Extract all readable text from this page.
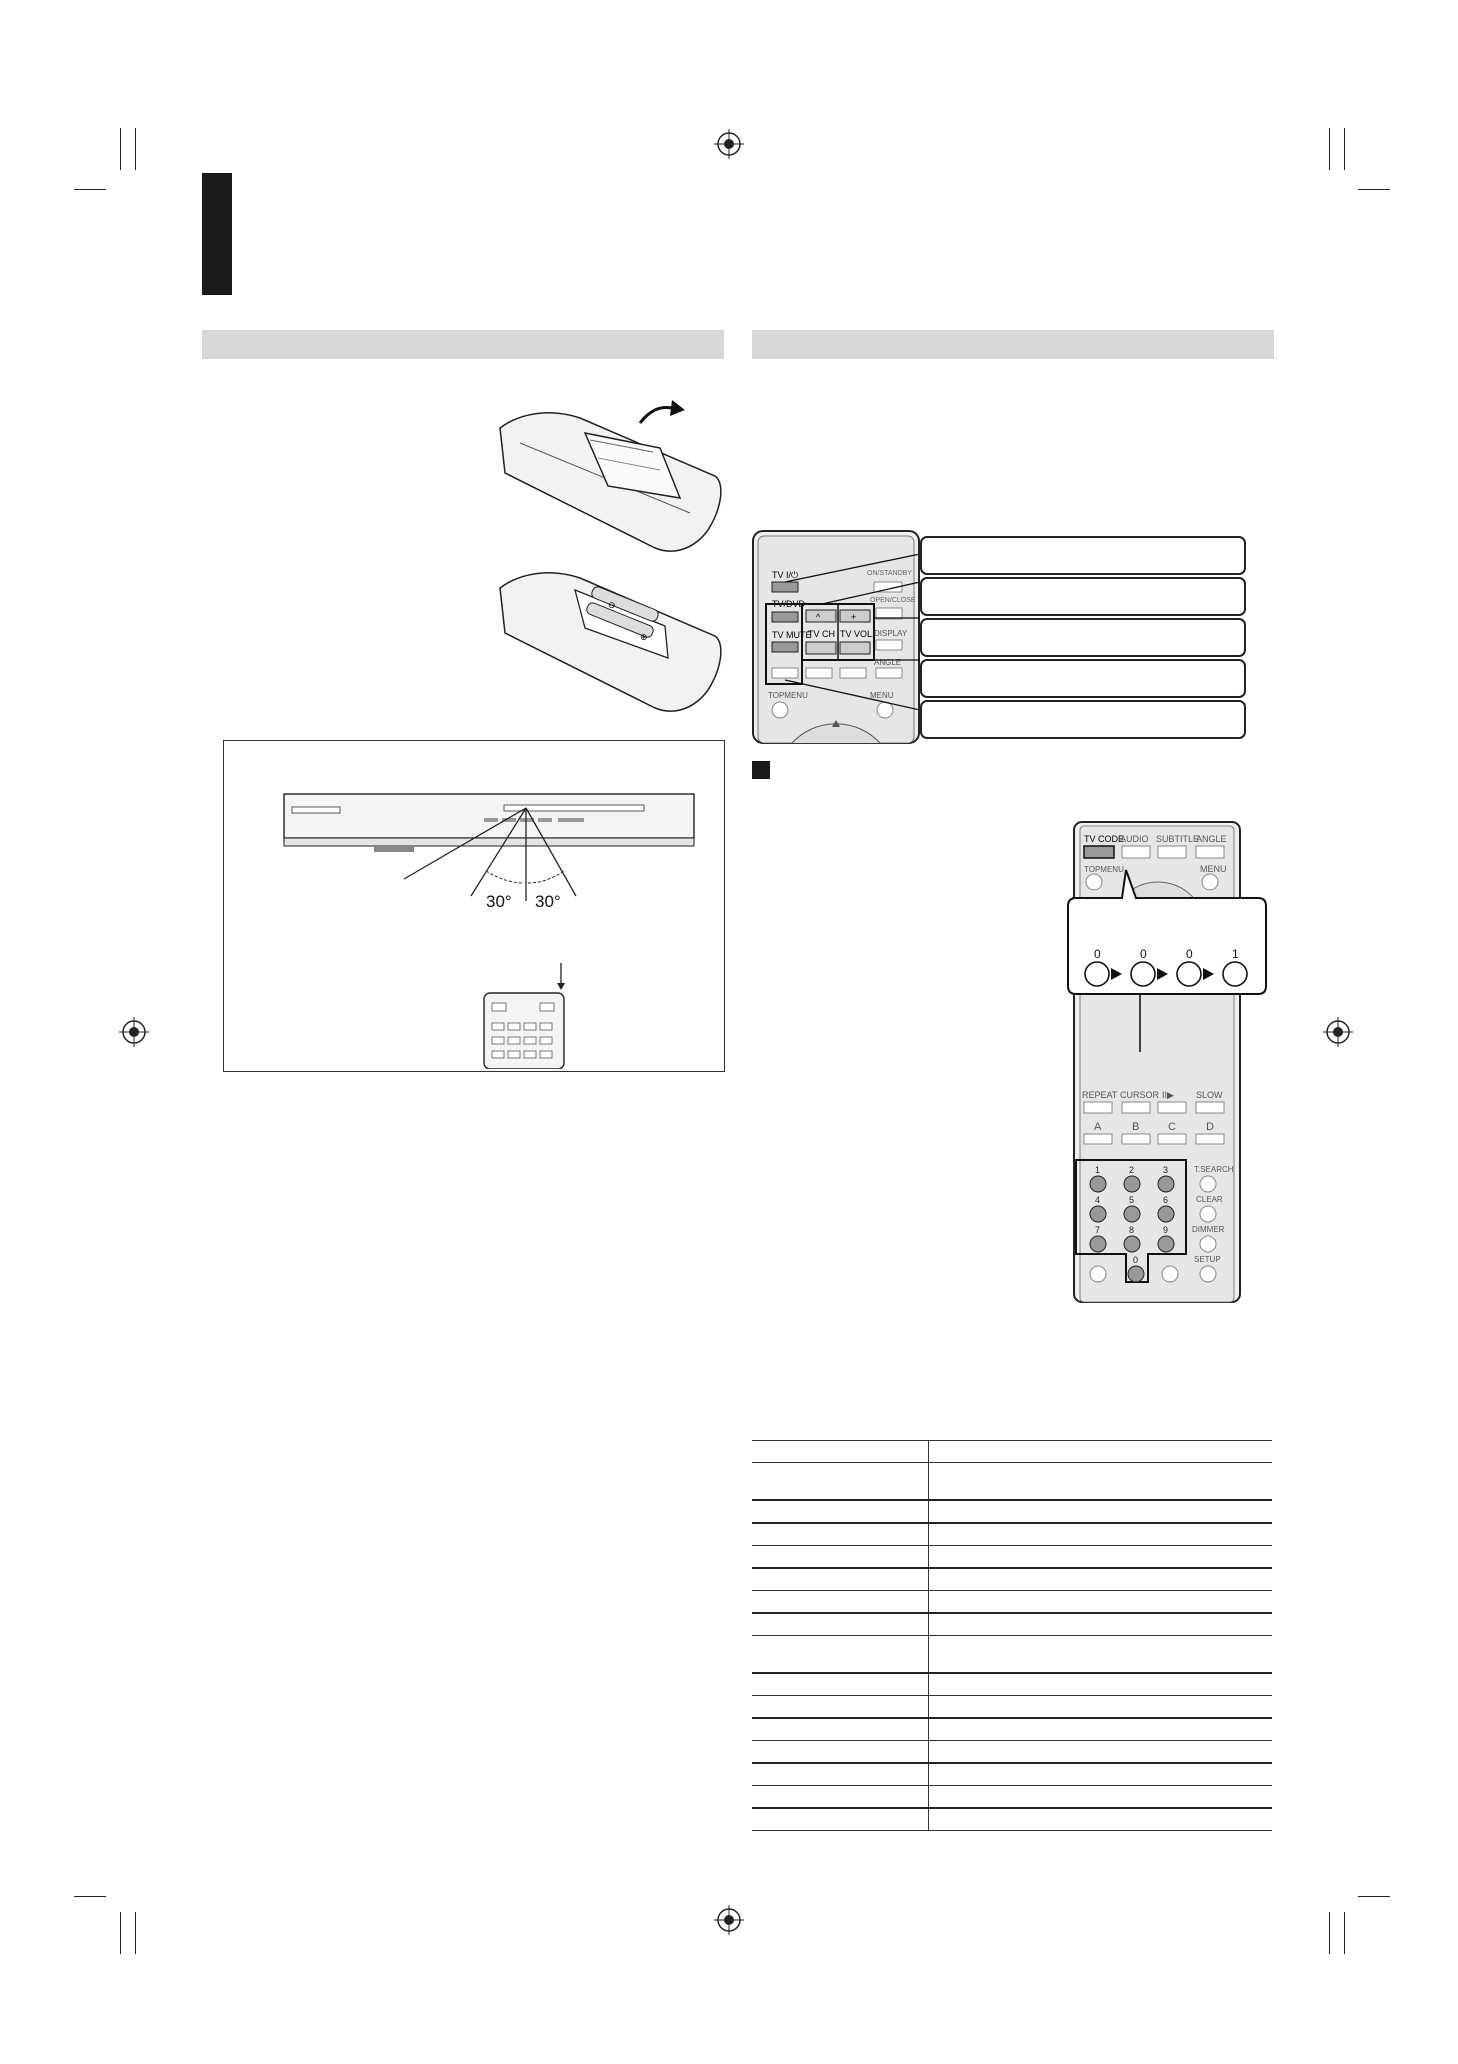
⊖
⊕
30° 30°
TV I/⏻	ON/STANDBY
TV/DVD
^	+
TV CH TV VOL.
OPEN/CLOSE
DISPLAY
TV MUTE
ANGLE
TOPMENU	MENU
TV CODE
AUDIO SUBTITLE
ANGLE
TOPMENU	MENU
REPEAT CURSOR II▶ SLOW
A	B	C	D
1	2	3
4	5	6
7	8	9
0
T.SEARCH
CLEAR
DIMMER
SETUP
0	0	0	1
